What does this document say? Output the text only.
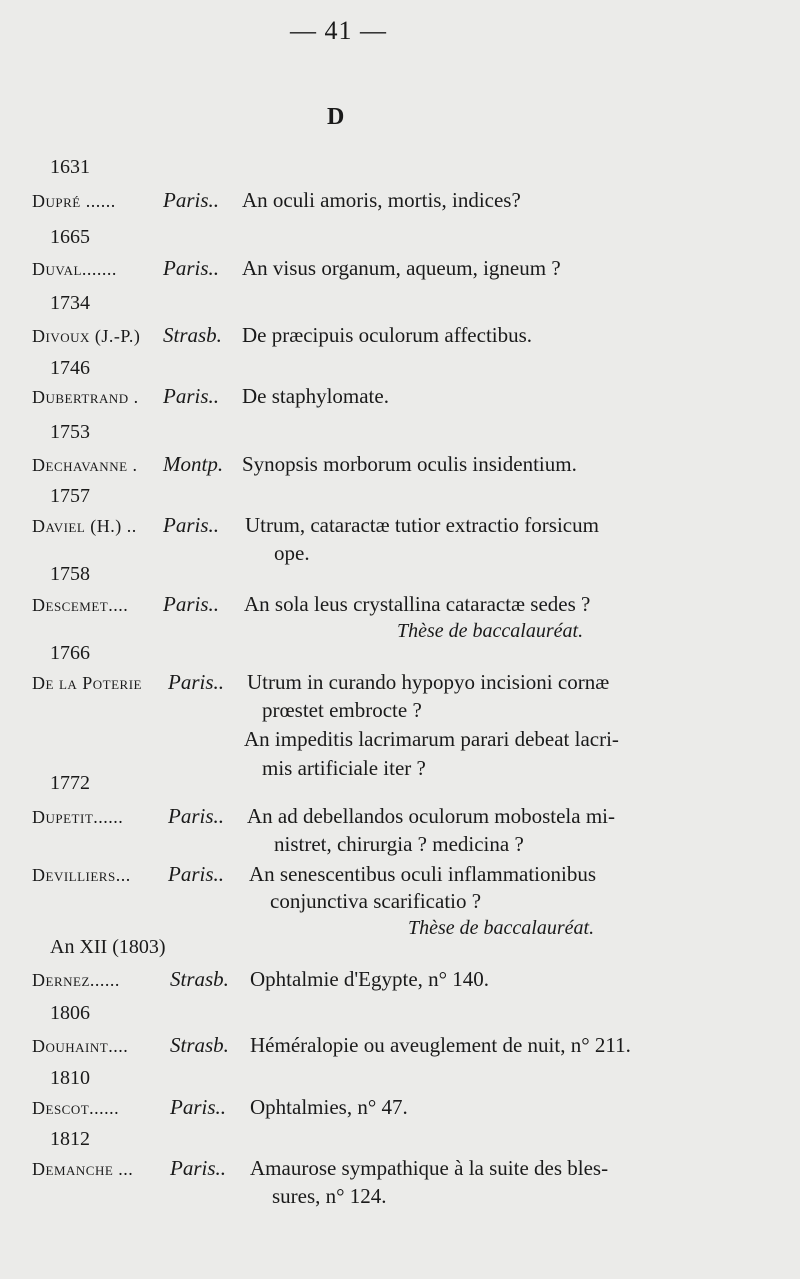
— 41 —
D
1631
Dupré ...... Paris.. An oculi amoris, mortis, indices?
1665
Duval....... Paris.. An visus organum, aqueum, igneum ?
1734
Divoux (J.-P.) Strasb. De præcipuis oculorum affectibus.
1746
Dubertrand . Paris.. De staphylomate.
1753
Dechavanne . Montp. Synopsis morborum oculis insidentium.
1757
Daviel (H.) .. Paris.. Utrum, cataractæ tutior extractio forsicum
ope.
1758
Descemet.... Paris.. An sola leus crystallina cataractæ sedes ?
Thèse de baccalauréat.
1766
De la Poterie Paris.. Utrum in curando hypopyo incisioni cornæ
prœstet embrocte ?
An impeditis lacrimarum parari debeat lacri-
mis artificiale iter ?
1772
Dupetit...... Paris.. An ad debellandos oculorum mobostela mi-
nistret, chirurgia ? medicina ?
Devilliers... Paris.. An senescentibus oculi inflammationibus
conjunctiva scarificatio ?
Thèse de baccalauréat.
An XII (1803)
Dernez...... Strasb. Ophtalmie d'Egypte, n° 140.
1806
Douhaint.... Strasb. Héméralopie ou aveuglement de nuit, n° 211.
1810
Descot...... Paris.. Ophtalmies, n° 47.
1812
Demanche ... Paris.. Amaurose sympathique à la suite des bles-
sures, n° 124.
